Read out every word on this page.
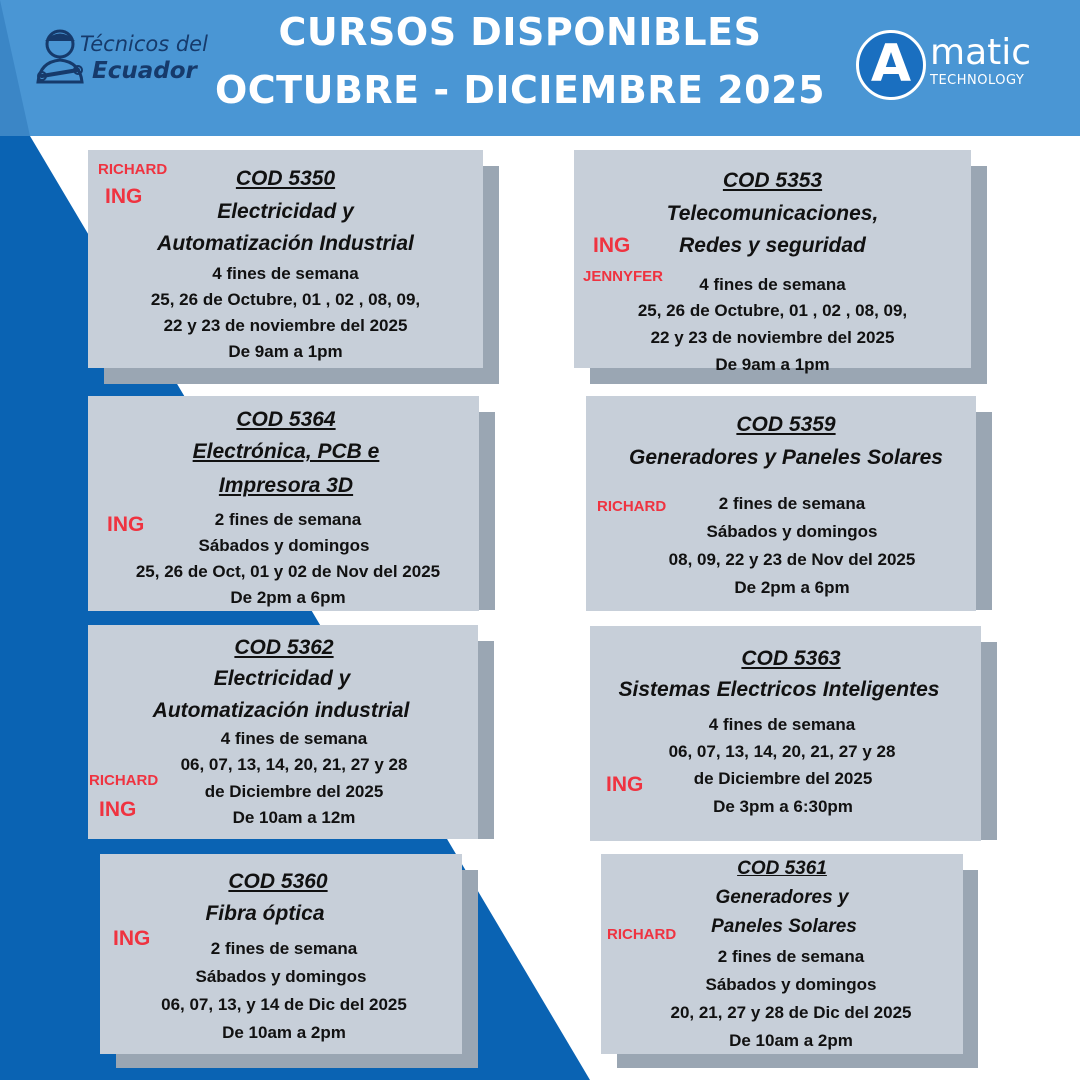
CURSOS DISPONIBLES
OCTUBRE - DICIEMBRE 2025
Técnicos del
Ecuador	A matic
TECHNOLOGY
COD 5350
Electricidad y
Automatización Industrial
4 fines de semana
25, 26 de Octubre, 01 , 02 , 08, 09,
22 y 23 de noviembre del 2025
De 9am a 1pm
RICHARD
ING
COD 5353
Telecomunicaciones,
Redes y seguridad
4 fines de semana
25, 26 de Octubre, 01 , 02 , 08, 09,
22 y 23 de noviembre del 2025
De 9am a 1pm
ING
JENNYFER
COD 5364
Electrónica, PCB e
Impresora 3D
2 fines de semana
Sábados y domingos
25, 26 de Oct, 01 y 02 de Nov del 2025
De 2pm a 6pm
ING
COD 5359
Generadores y Paneles Solares
2 fines de semana
Sábados y domingos
08, 09, 22 y 23 de Nov del 2025
De 2pm a 6pm
RICHARD
COD 5362
Electricidad y
Automatización industrial
4 fines de semana
06, 07, 13, 14, 20, 21, 27 y 28
de Diciembre del 2025
De 10am a 12m
RICHARD
ING
COD 5363
Sistemas Electricos Inteligentes
4 fines de semana
06, 07, 13, 14, 20, 21, 27 y 28
de Diciembre del 2025
De 3pm a 6:30pm
ING
COD 5360
Fibra óptica
2 fines de semana
Sábados y domingos
06, 07, 13, y 14 de Dic del 2025
De 10am a 2pm
ING
COD 5361
Generadores y
Paneles Solares
2 fines de semana
Sábados y domingos
20, 21, 27 y 28 de Dic del 2025
De 10am a 2pm
RICHARD
